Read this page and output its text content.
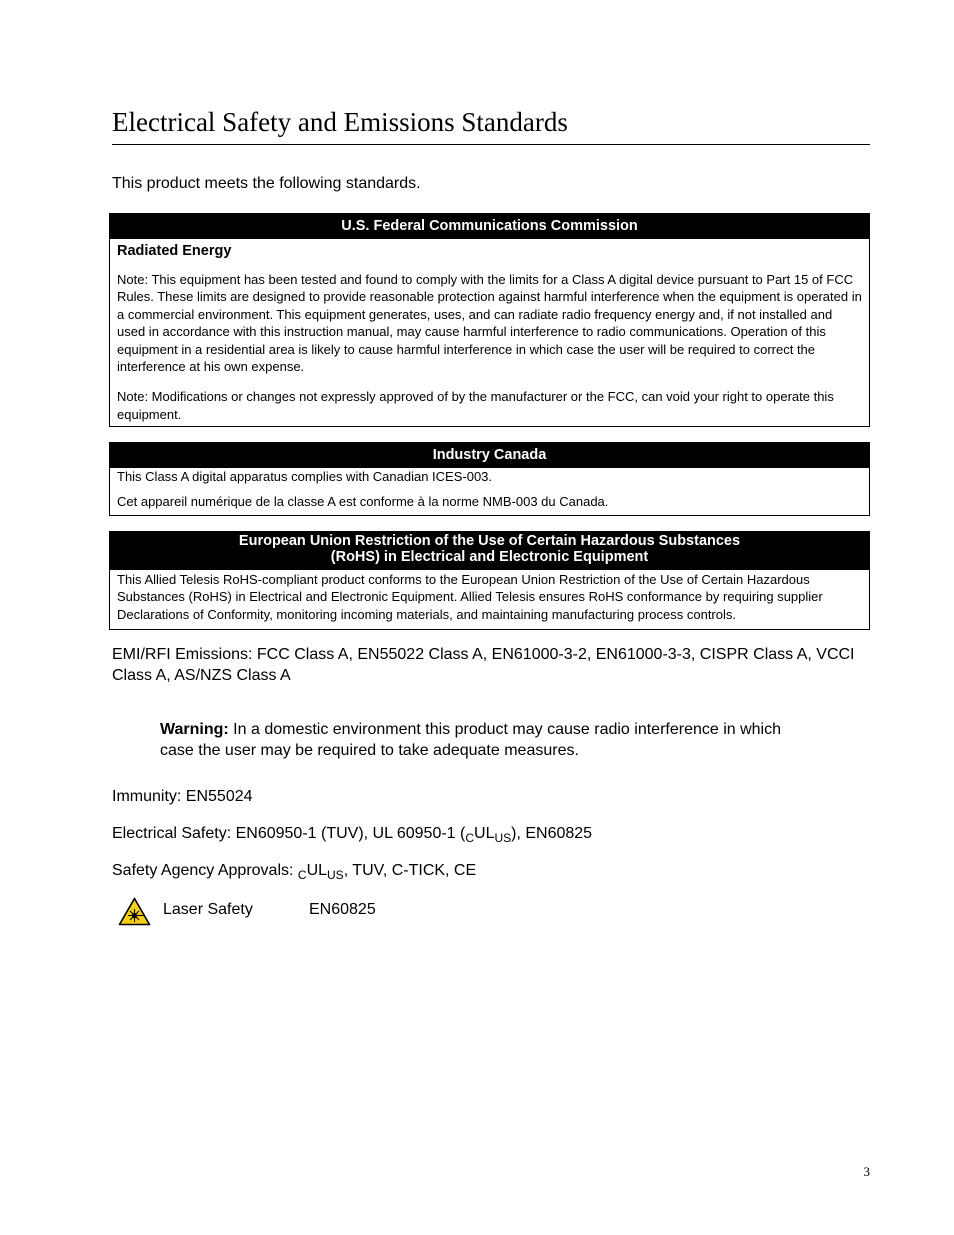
Electrical Safety and Emissions Standards
This product meets the following standards.
U.S. Federal Communications Commission
Radiated Energy

Note: This equipment has been tested and found to comply with the limits for a Class A digital device pursuant to Part 15 of FCC Rules. These limits are designed to provide reasonable protection against harmful interference when the equipment is operated in a commercial environment. This equipment generates, uses, and can radiate radio frequency energy and, if not installed and used in accordance with this instruction manual, may cause harmful interference to radio communications. Operation of this equipment in a residential area is likely to cause harmful interference in which case the user will be required to correct the interference at his own expense.

Note: Modifications or changes not expressly approved of by the manufacturer or the FCC, can void your right to operate this equipment.

Industry Canada

This Class A digital apparatus complies with Canadian ICES-003.

Cet appareil numérique de la classe A est conforme à la norme NMB-003 du Canada.

European Union Restriction of the Use of Certain Hazardous Substances
(RoHS) in Electrical and Electronic Equipment

This Allied Telesis RoHS-compliant product conforms to the European Union Restriction of the Use of Certain Hazardous Substances (RoHS) in Electrical and Electronic Equipment. Allied Telesis ensures RoHS conformance by requiring supplier Declarations of Conformity, monitoring incoming materials, and maintaining manufacturing process controls.

EMI/RFI Emissions: FCC Class A, EN55022 Class A, EN61000-3-2, EN61000-3-3, CISPR Class A, VCCI Class A, AS/NZS Class A
Warning: In a domestic environment this product may cause radio interference in which case the user may be required to take adequate measures.
Immunity: EN55024
Electrical Safety: EN60950-1 (TUV), UL 60950-1 $(_CUL_{US})$, EN60825
Safety Agency Approvals: $_CUL_{US}$, TUV, C-TICK, CE
Laser Safety	EN60825
3
